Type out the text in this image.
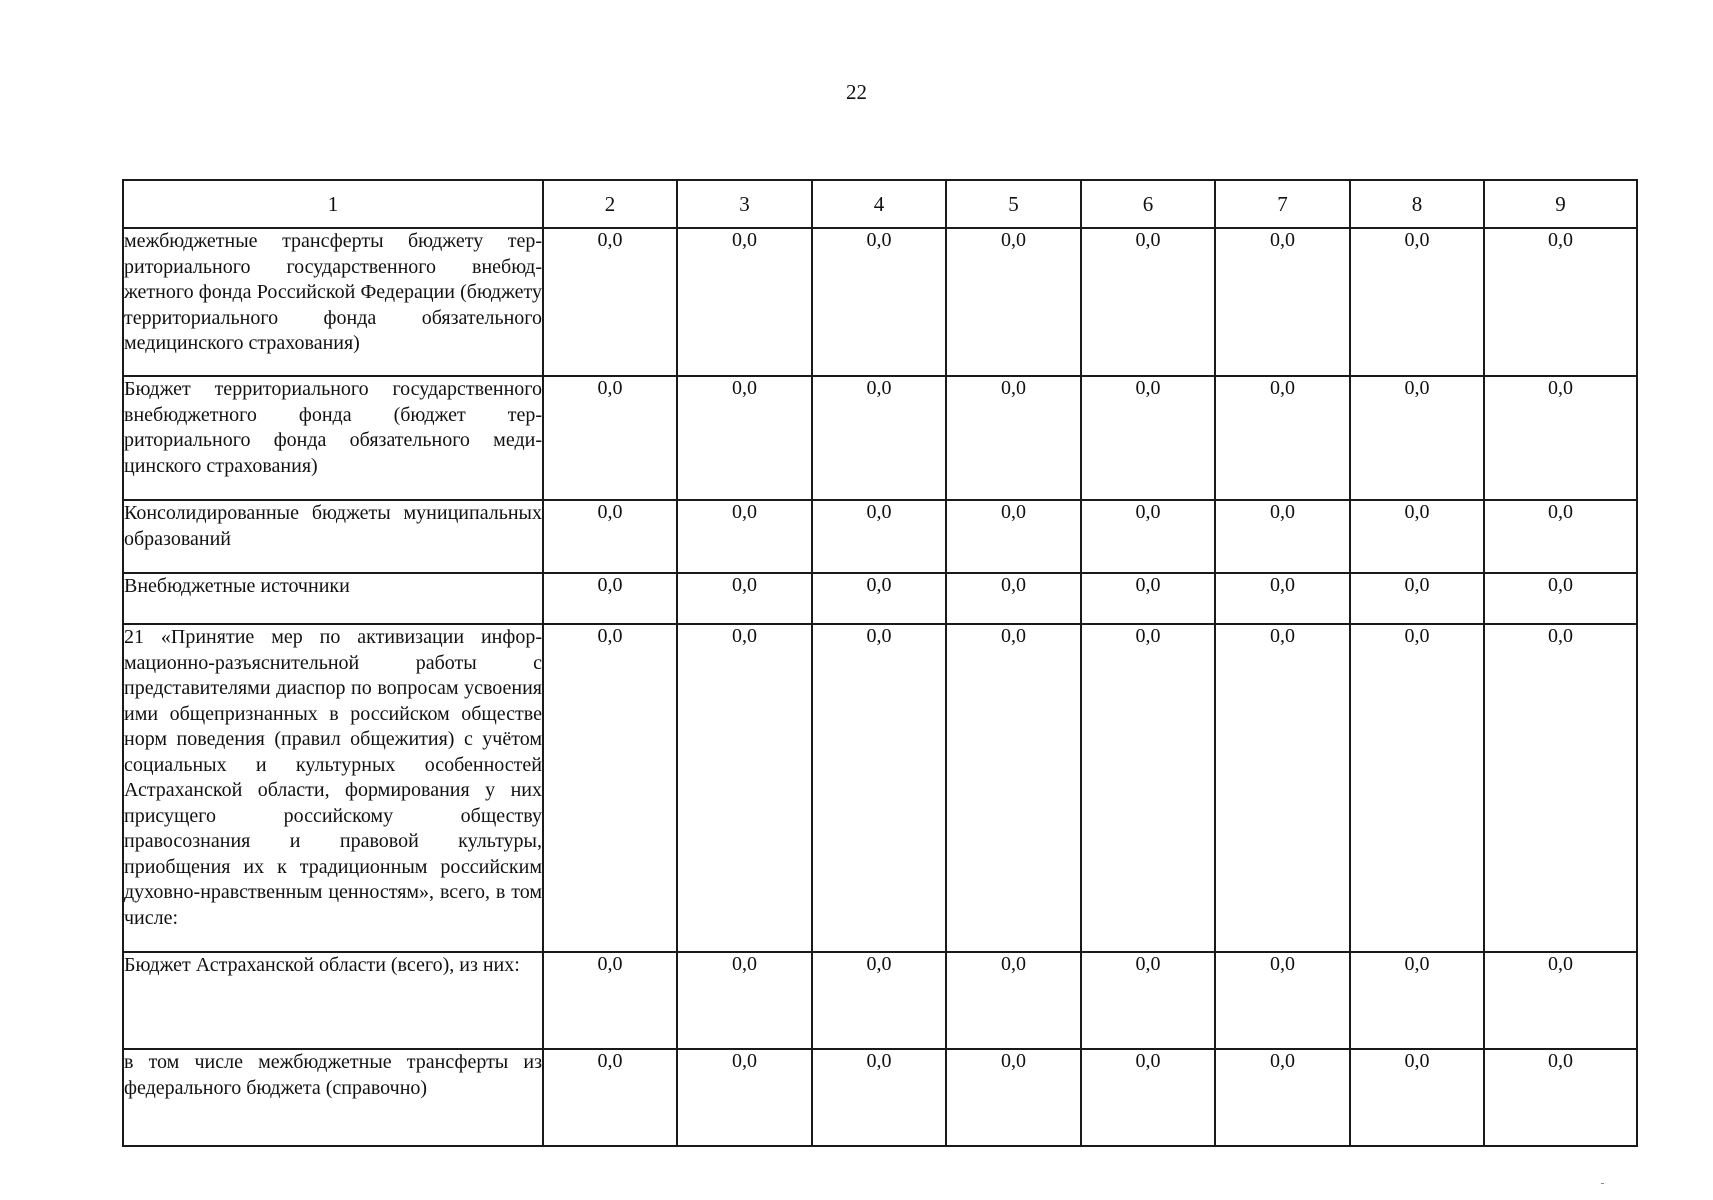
22
1	2	3	4	5	6	7	8	9
межбюджетные трансферты бюджету территориального государственного внебюджетного фонда Российской Федерации (бюджету территориального фонда обязательного медицинского страхования)	0,0	0,0	0,0	0,0	0,0	0,0	0,0	0,0
Бюджет территориального государственного внебюджетного фонда (бюджет территориального фонда обязательного медицинского страхования)	0,0	0,0	0,0	0,0	0,0	0,0	0,0	0,0
Консолидированные бюджеты муниципальных образований	0,0	0,0	0,0	0,0	0,0	0,0	0,0	0,0
Внебюджетные источники	0,0	0,0	0,0	0,0	0,0	0,0	0,0	0,0
21 «Принятие мер по активизации информационно-разъяснительной работы с представителями диаспор по вопросам усвоения ими общепризнанных в российском обществе норм поведения (правил общежития) с учётом социальных и культурных особенностей Астраханской области, формирования у них присущего российскому обществу правосознания и правовой культуры, приобщения их к традиционным российским духовно-нравственным ценностям», всего, в том числе:	0,0	0,0	0,0	0,0	0,0	0,0	0,0	0,0
Бюджет Астраханской области (всего), из них:	0,0	0,0	0,0	0,0	0,0	0,0	0,0	0,0
в том числе межбюджетные трансферты из федерального бюджета (справочно)	0,0	0,0	0,0	0,0	0,0	0,0	0,0	0,0
